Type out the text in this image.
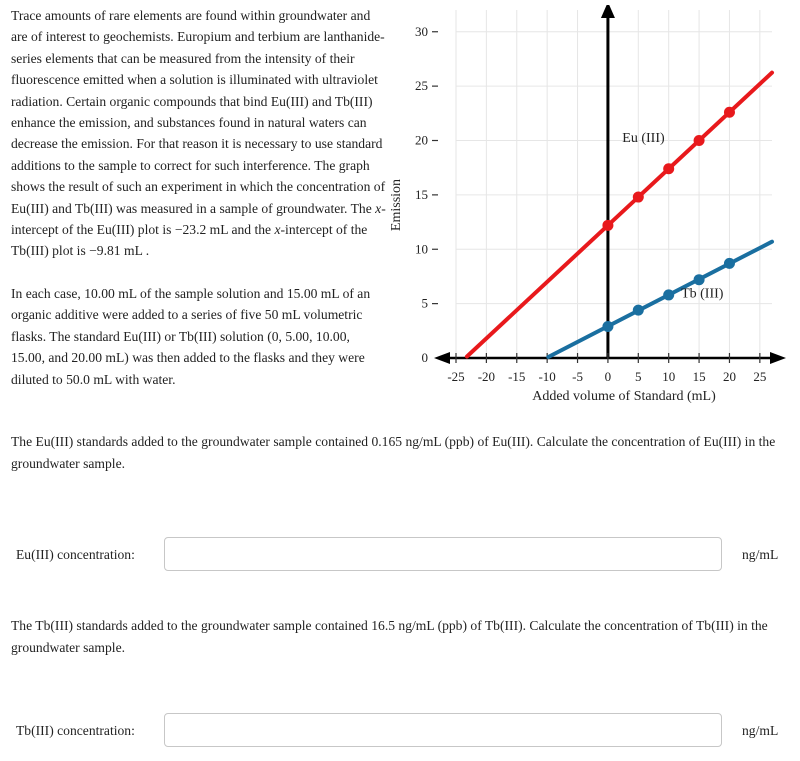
Trace amounts of rare elements are found within groundwater and are of interest to geochemists. Europium and terbium are lanthanide-series elements that can be measured from the intensity of their fluorescence emitted when a solution is illuminated with ultraviolet radiation. Certain organic compounds that bind Eu(III) and Tb(III) enhance the emission, and substances found in natural waters can decrease the emission. For that reason it is necessary to use standard additions to the sample to correct for such interference. The graph shows the result of such an experiment in which the concentration of Eu(III) and Tb(III) was measured in a sample of groundwater. The x-intercept of the Eu(III) plot is −23.2 mL and the x-intercept of the Tb(III) plot is −9.81 mL .

In each case, 10.00 mL of the sample solution and 15.00 mL of an organic additive were added to a series of five 50 mL volumetric flasks. The standard Eu(III) or Tb(III) solution (0, 5.00, 10.00, 15.00, and 20.00 mL) was then added to the flasks and they were diluted to 50.0 mL with water.

0
5
10
15
20
25
30
Emission
-25 -20 -15 -10 -5 0 5 10 15 20 25
Added volume of Standard (mL)
Eu (III)
Tb (III)
The Eu(III) standards added to the groundwater sample contained 0.165 ng/mL (ppb) of Eu(III). Calculate the concentration of Eu(III) in the groundwater sample.
Eu(III) concentration:	ng/mL
The Tb(III) standards added to the groundwater sample contained 16.5 ng/mL (ppb) of Tb(III). Calculate the concentration of Tb(III) in the groundwater sample.
Tb(III) concentration:	ng/mL
